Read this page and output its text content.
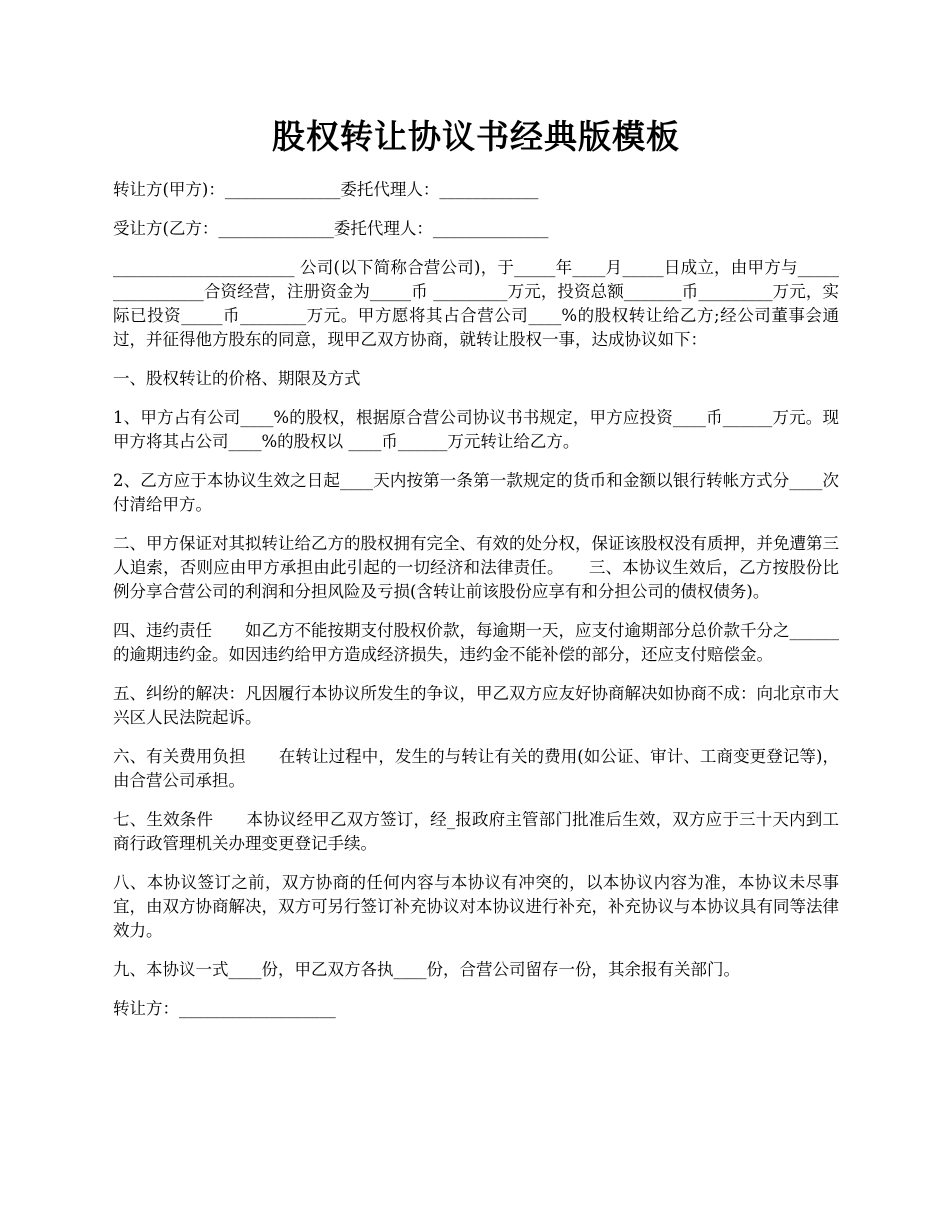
股权转让协议书经典版模板

转让方(甲方)：______________委托代理人：____________

受让方(乙方：______________委托代理人：______________

______________________ 公司(以下简称合营公司)，于_____年____月_____日成立，由甲方与________________合资经营，注册资金为_____币 _________万元，投资总额_______币_________万元，实际已投资_____币________万元。甲方愿将其占合营公司____%的股权转让给乙方;经公司董事会通过，并征得他方股东的同意，现甲乙双方协商，就转让股权一事，达成协议如下：

一、股权转让的价格、期限及方式

1、甲方占有公司____%的股权，根据原合营公司协议书书规定，甲方应投资____币______万元。现甲方将其占公司____%的股权以 ____币______万元转让给乙方。

2、乙方应于本协议生效之日起____天内按第一条第一款规定的货币和金额以银行转帐方式分____次付清给甲方。

二、甲方保证对其拟转让给乙方的股权拥有完全、有效的处分权，保证该股权没有质押，并免遭第三人追索，否则应由甲方承担由此引起的一切经济和法律责任。　　三、本协议生效后，乙方按股份比例分享合营公司的利润和分担风险及亏损(含转让前该股份应享有和分担公司的债权债务)。

四、违约责任　　如乙方不能按期支付股权价款，每逾期一天，应支付逾期部分总价款千分之______的逾期违约金。如因违约给甲方造成经济损失，违约金不能补偿的部分，还应支付赔偿金。

五、纠纷的解决：凡因履行本协议所发生的争议，甲乙双方应友好协商解决如协商不成：向北京市大兴区人民法院起诉。

六、有关费用负担　　在转让过程中，发生的与转让有关的费用(如公证、审计、工商变更登记等)，由合营公司承担。

七、生效条件　　本协议经甲乙双方签订，经_报政府主管部门批准后生效，双方应于三十天内到工商行政管理机关办理变更登记手续。

八、本协议签订之前，双方协商的任何内容与本协议有冲突的，以本协议内容为准，本协议未尽事宜，由双方协商解决，双方可另行签订补充协议对本协议进行补充，补充协议与本协议具有同等法律效力。

九、本协议一式____份，甲乙双方各执____份，合营公司留存一份，其余报有关部门。

转让方：___________________
